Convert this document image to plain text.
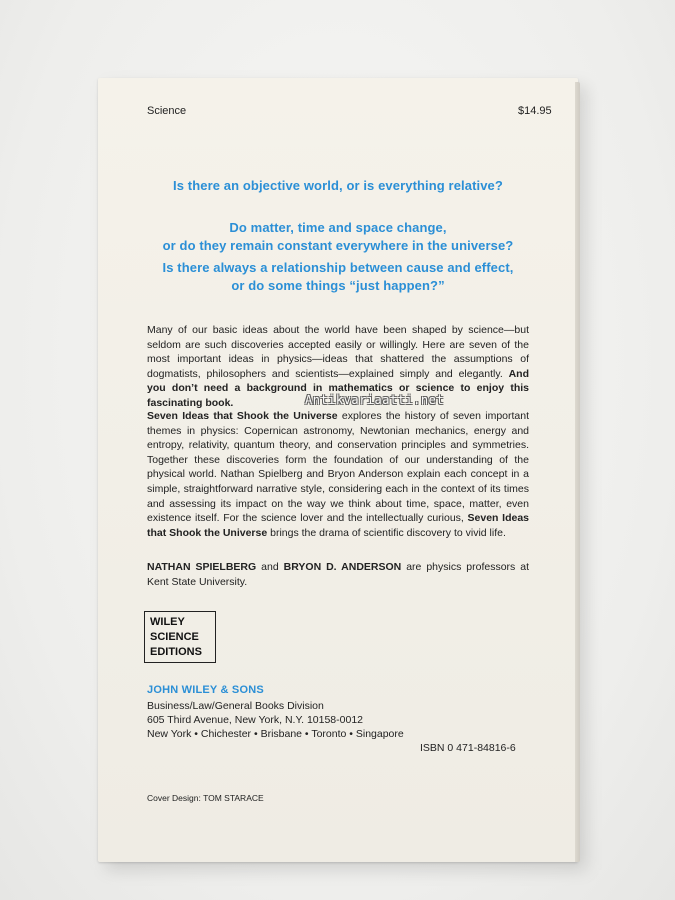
Science	$14.95
Is there an objective world, or is everything relative?
Do matter, time and space change,
or do they remain constant everywhere in the universe?
Is there always a relationship between cause and effect,
or do some things “just happen?”
Many of our basic ideas about the world have been shaped by science—but seldom are such discoveries accepted easily or willingly. Here are seven of the most important ideas in physics—ideas that shattered the assumptions of dogmatists, philosophers and scientists—explained simply and elegantly. And you don’t need a background in mathematics or science to enjoy this fascinating book.
Seven Ideas that Shook the Universe explores the history of seven important themes in physics: Copernican astronomy, Newtonian mechanics, energy and entropy, relativity, quantum theory, and conservation principles and symmetries. Together these discoveries form the foundation of our understanding of the physical world. Nathan Spielberg and Bryon Anderson explain each concept in a simple, straightforward narrative style, considering each in the context of its times and assessing its impact on the way we think about time, space, matter, even existence itself. For the science lover and the intellectually curious, Seven Ideas that Shook the Universe brings the drama of scientific discovery to vivid life.
NATHAN SPIELBERG and BRYON D. ANDERSON are physics professors at Kent State University.
WILEY
SCIENCE
EDITIONS
JOHN WILEY & SONS
Business/Law/General Books Division
605 Third Avenue, New York, N.Y. 10158-0012
New York • Chichester • Brisbane • Toronto • Singapore
ISBN 0 471-84816-6
Cover Design: TOM STARACE
Antikvariaatti.net
